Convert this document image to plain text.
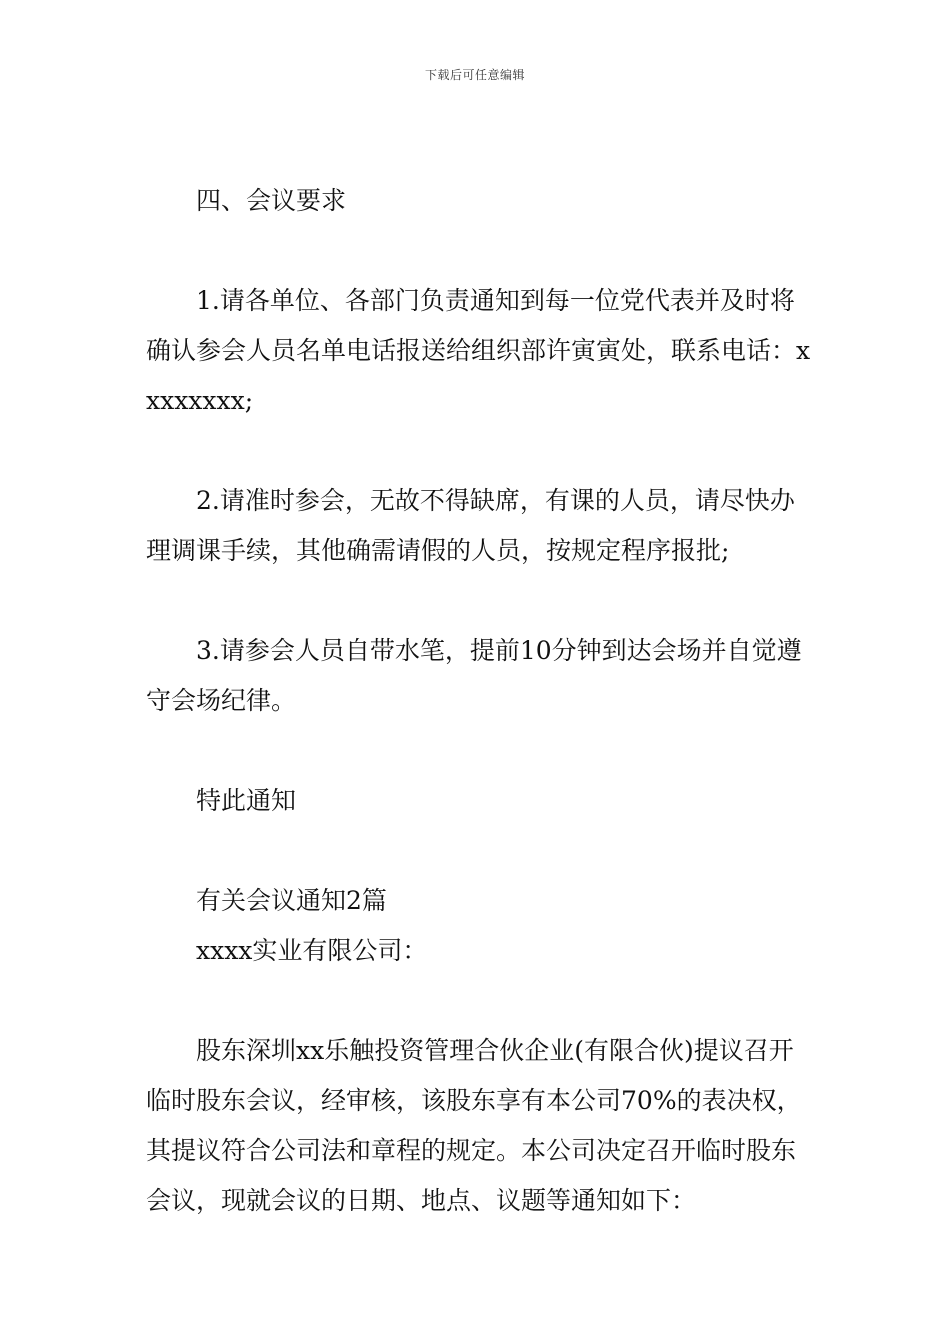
下载后可任意编辑

四、会议要求

1.请各单位、各部门负责通知到每一位党代表并及时将确认参会人员名单电话报送给组织部许寅寅处，联系电话：xxxxxxxx;

2.请准时参会，无故不得缺席，有课的人员，请尽快办理调课手续，其他确需请假的人员，按规定程序报批;

3.请参会人员自带水笔，提前10分钟到达会场并自觉遵守会场纪律。

特此通知

有关会议通知2篇

xxxx实业有限公司：

股东深圳xx乐触投资管理合伙企业(有限合伙)提议召开临时股东会议，经审核，该股东享有本公司70%的表决权，其提议符合公司法和章程的规定。本公司决定召开临时股东会议，现就会议的日期、地点、议题等通知如下：
